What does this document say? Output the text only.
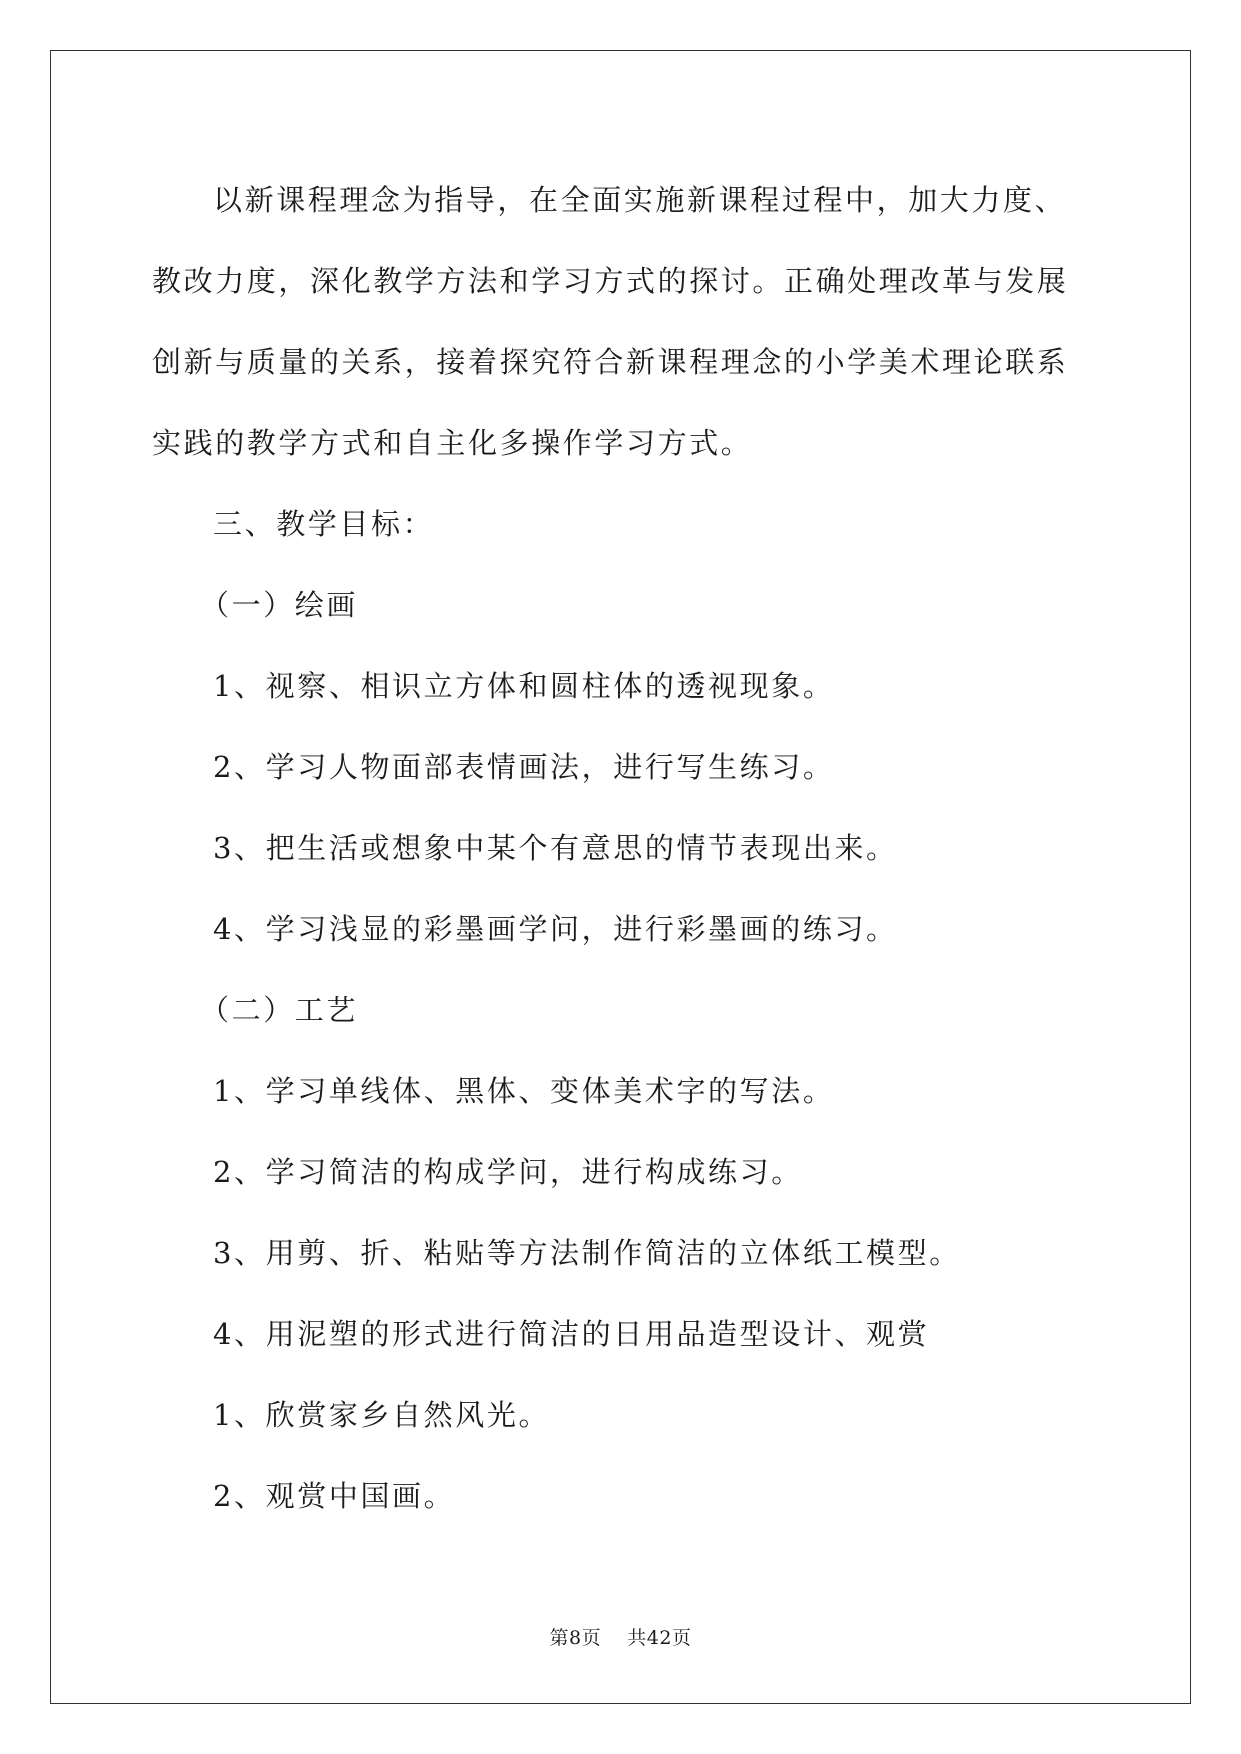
以新课程理念为指导，在全面实施新课程过程中，加大力度、教改力度，深化教学方法和学习方式的探讨。正确处理改革与发展创新与质量的关系，接着探究符合新课程理念的小学美术理论联系实践的教学方式和自主化多操作学习方式。

三、教学目标：

（一）绘画

1、视察、相识立方体和圆柱体的透视现象。

2、学习人物面部表情画法，进行写生练习。

3、把生活或想象中某个有意思的情节表现出来。

4、学习浅显的彩墨画学问，进行彩墨画的练习。

（二）工艺

1、学习单线体、黑体、变体美术字的写法。

2、学习简洁的构成学问，进行构成练习。

3、用剪、折、粘贴等方法制作简洁的立体纸工模型。

4、用泥塑的形式进行简洁的日用品造型设计、观赏

1、欣赏家乡自然风光。

2、观赏中国画。

第8页 共42页
